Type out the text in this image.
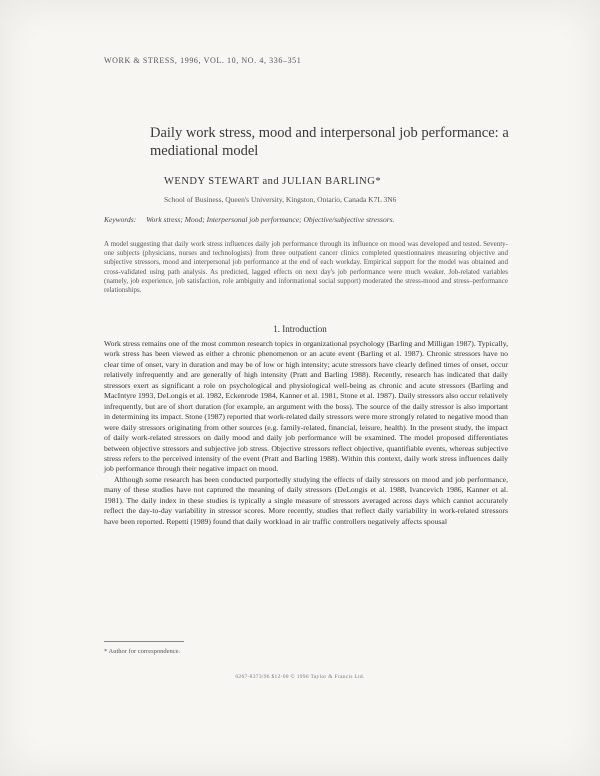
WORK & STRESS, 1996, VOL. 10, NO. 4, 336–351
Daily work stress, mood and interpersonal job performance: a mediational model
WENDY STEWART and JULIAN BARLING*
School of Business, Queen's University, Kingston, Ontario, Canada K7L 3N6
Keywords: Work stress; Mood; Interpersonal job performance; Objective/subjective stressors.
A model suggesting that daily work stress influences daily job performance through its influence on mood was developed and tested. Seventy-one subjects (physicians, nurses and technologists) from three outpatient cancer clinics completed questionnaires measuring objective and subjective stressors, mood and interpersonal job performance at the end of each workday. Empirical support for the model was obtained and cross-validated using path analysis. As predicted, lagged effects on next day's job performance were much weaker. Job-related variables (namely, job experience, job satisfaction, role ambiguity and informational social support) moderated the stress-mood and stress–performance relationships.
1. Introduction

Work stress remains one of the most common research topics in organizational psychology (Barling and Milligan 1987). Typically, work stress has been viewed as either a chronic phenomenon or an acute event (Barling et al. 1987). Chronic stressors have no clear time of onset, vary in duration and may be of low or high intensity; acute stressors have clearly defined times of onset, occur relatively infrequently and are generally of high intensity (Pratt and Barling 1988). Recently, research has indicated that daily stressors exert as significant a role on psychological and physiological well-being as chronic and acute stressors (Barling and MacIntyre 1993, DeLongis et al. 1982, Eckenrode 1984, Kanner et al. 1981, Stone et al. 1987). Daily stressors also occur relatively infrequently, but are of short duration (for example, an argument with the boss). The source of the daily stressor is also important in determining its impact. Stone (1987) reported that work-related daily stressors were more strongly related to negative mood than were daily stressors originating from other sources (e.g. family-related, financial, leisure, health). In the present study, the impact of daily work-related stressors on daily mood and daily job performance will be examined. The model proposed differentiates between objective stressors and subjective job stress. Objective stressors reflect objective, quantifiable events, whereas subjective stress refers to the perceived intensity of the event (Pratt and Barling 1988). Within this context, daily work stress influences daily job performance through their negative impact on mood.

Although some research has been conducted purportedly studying the effects of daily stressors on mood and job performance, many of these studies have not captured the meaning of daily stressors (DeLongis et al. 1988, Ivancevich 1986, Kanner et al. 1981). The daily index in these studies is typically a single measure of stressors averaged across days which cannot accurately reflect the day-to-day variability in stressor scores. More recently, studies that reflect daily variability in work-related stressors have been reported. Repetti (1989) found that daily workload in air traffic controllers negatively affects spousal

* Author for correspondence.
0267-8373/96 $12·00 © 1996 Taylor & Francis Ltd.
